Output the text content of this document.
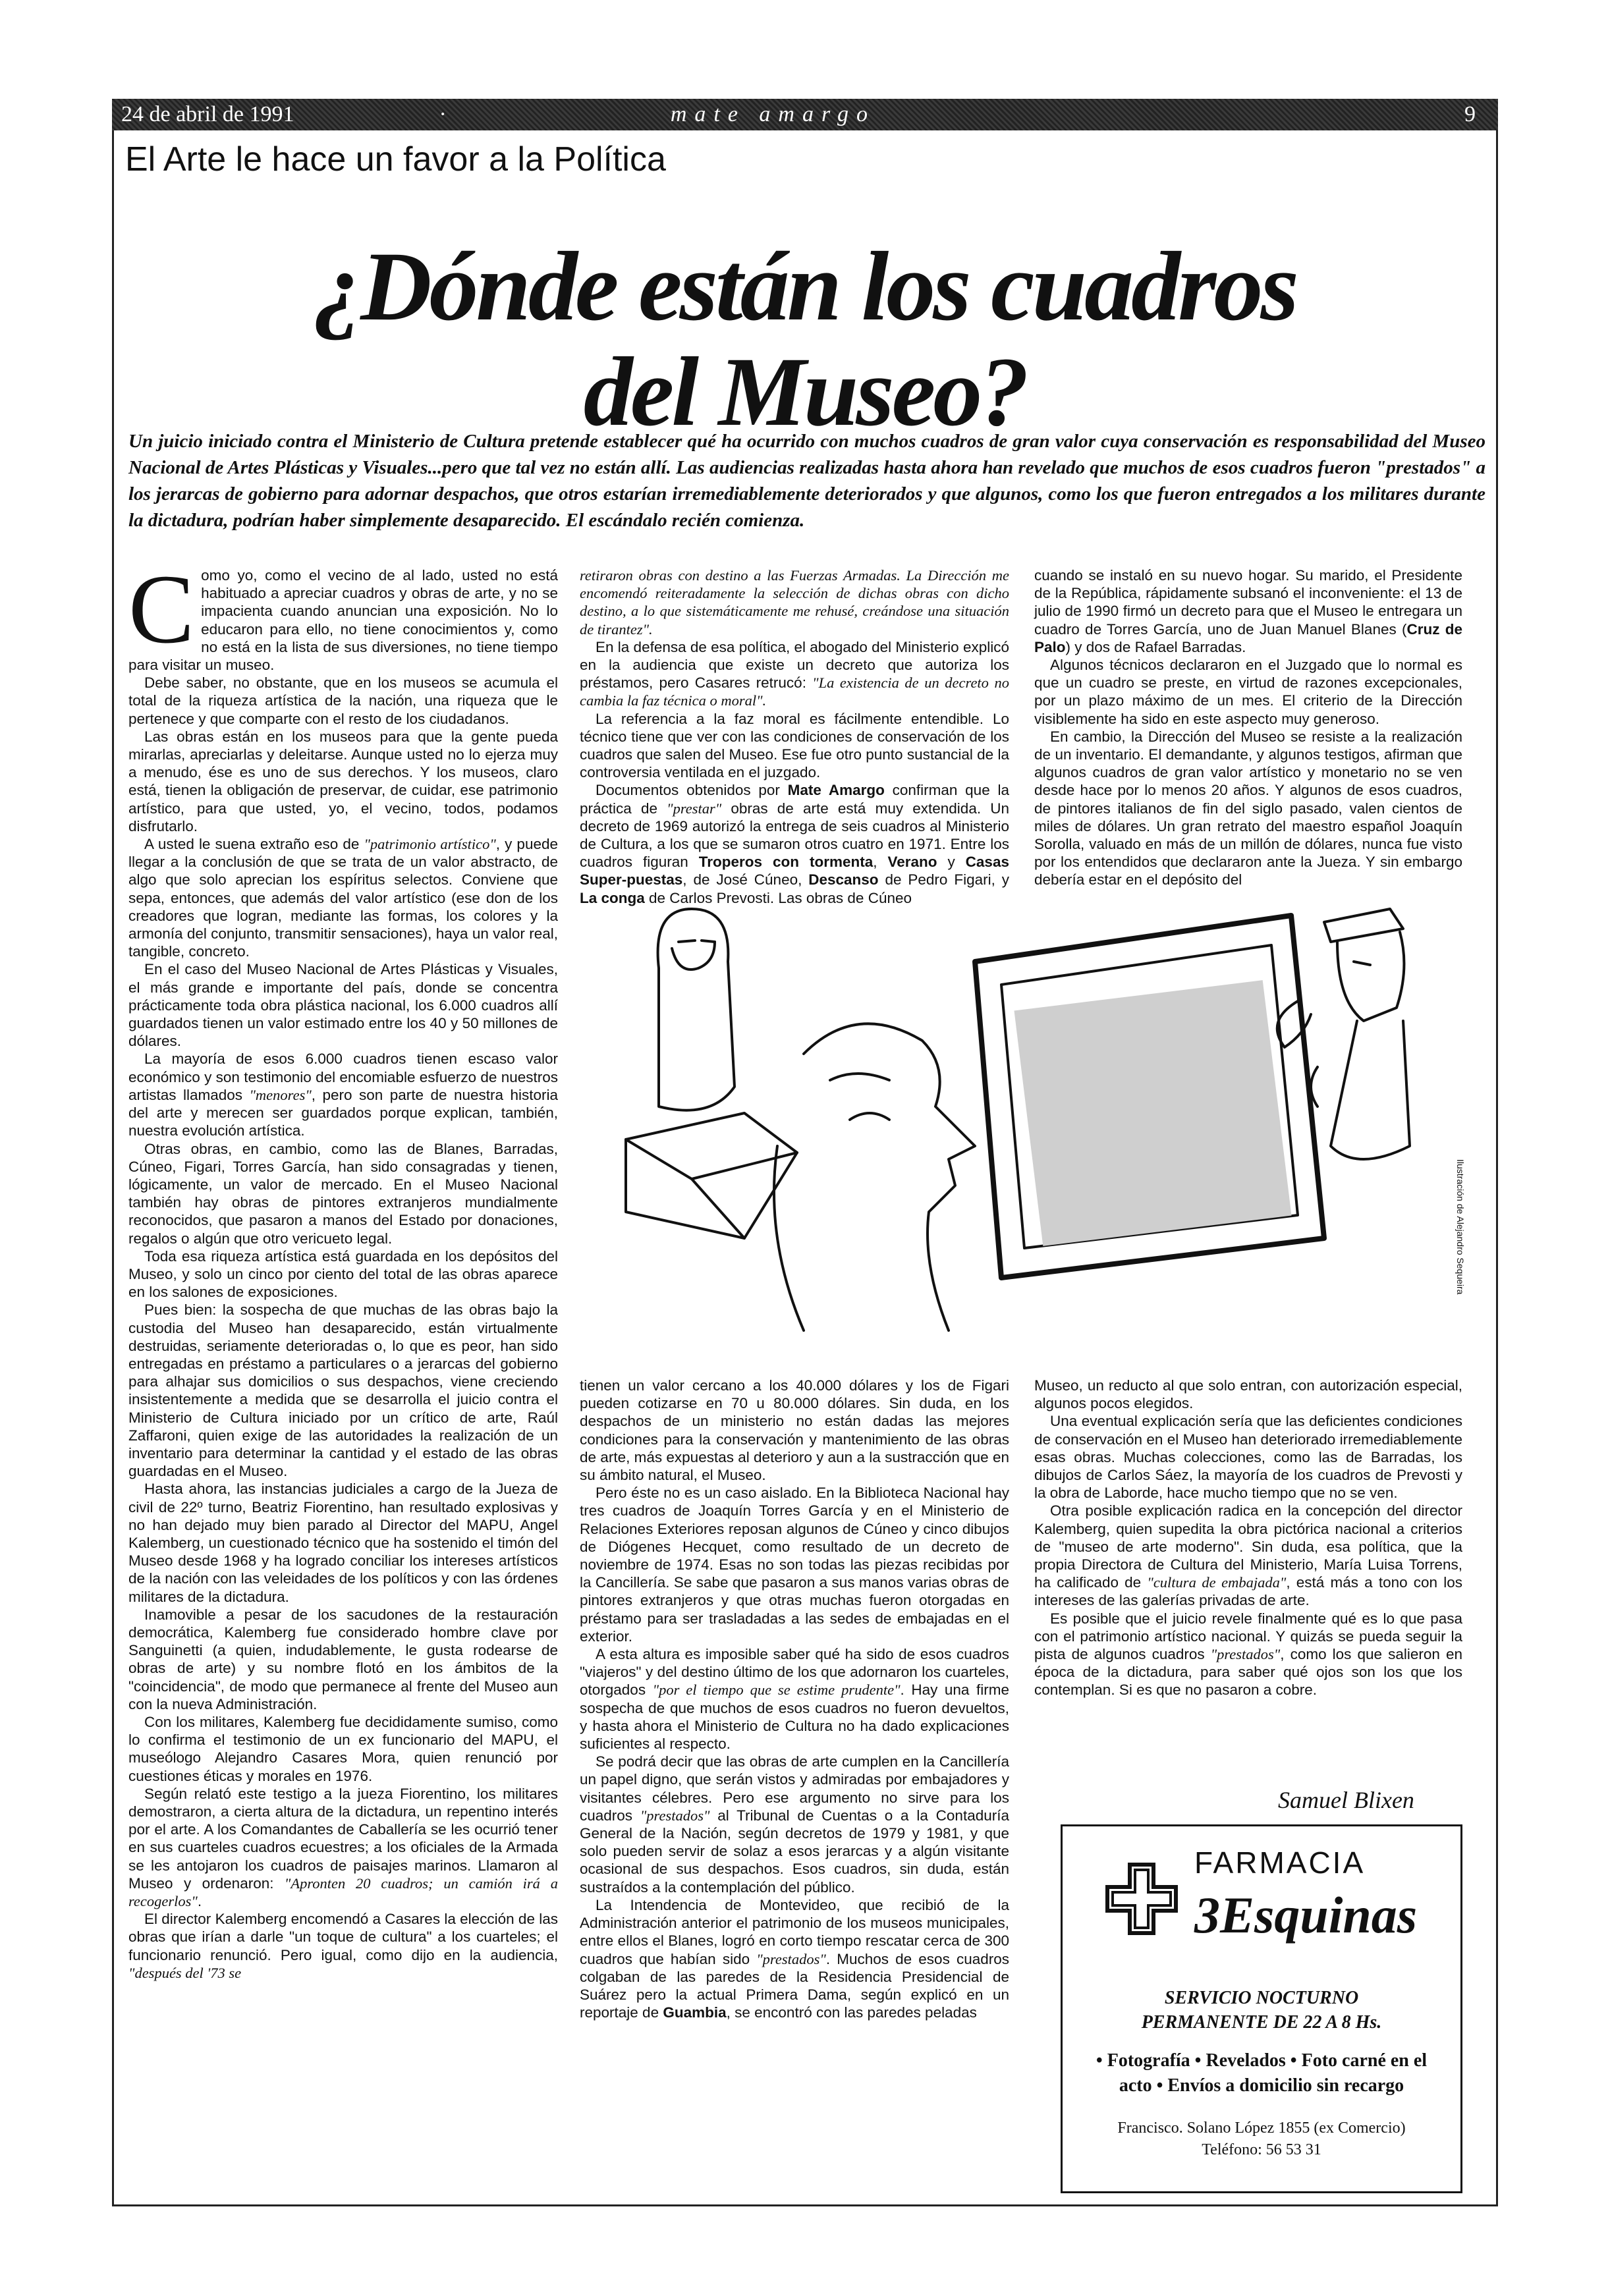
24 de abril de 1991	·	mate amargo	9
El Arte le hace un favor a la Política
¿Dónde están los cuadros
del Museo?
Un juicio iniciado contra el Ministerio de Cultura pretende establecer qué ha ocurrido con muchos cuadros de gran valor cuya conservación es responsabilidad del Museo Nacional de Artes Plásticas y Visuales...pero que tal vez no están allí. Las audiencias realizadas hasta ahora han revelado que muchos de esos cuadros fueron "prestados" a los jerarcas de gobierno para adornar despachos, que otros estarían irremediablemente deteriorados y que algunos, como los que fueron entregados a los militares durante la dictadura, podrían haber simplemente desaparecido. El escándalo recién comienza.

Como yo, como el vecino de al lado, usted no está habituado a apreciar cuadros y obras de arte, y no se impacienta cuando anuncian una exposición. No lo educaron para ello, no tiene conocimientos y, como no está en la lista de sus diversiones, no tiene tiempo para visitar un museo.

Debe saber, no obstante, que en los museos se acumula el total de la riqueza artística de la nación, una riqueza que le pertenece y que comparte con el resto de los ciudadanos.

Las obras están en los museos para que la gente pueda mirarlas, apreciarlas y deleitarse. Aunque usted no lo ejerza muy a menudo, ése es uno de sus derechos. Y los museos, claro está, tienen la obligación de preservar, de cuidar, ese patrimonio artístico, para que usted, yo, el vecino, todos, podamos disfrutarlo.

A usted le suena extraño eso de "patrimonio artístico", y puede llegar a la conclusión de que se trata de un valor abstracto, de algo que solo aprecian los espíritus selectos. Conviene que sepa, entonces, que además del valor artístico (ese don de los creadores que logran, mediante las formas, los colores y la armonía del conjunto, transmitir sensaciones), haya un valor real, tangible, concreto.

En el caso del Museo Nacional de Artes Plásticas y Visuales, el más grande e importante del país, donde se concentra prácticamente toda obra plástica nacional, los 6.000 cuadros allí guardados tienen un valor estimado entre los 40 y 50 millones de dólares.

La mayoría de esos 6.000 cuadros tienen escaso valor económico y son testimonio del encomiable esfuerzo de nuestros artistas llamados "menores", pero son parte de nuestra historia del arte y merecen ser guardados porque explican, también, nuestra evolución artística.

Otras obras, en cambio, como las de Blanes, Barradas, Cúneo, Figari, Torres García, han sido consagradas y tienen, lógicamente, un valor de mercado. En el Museo Nacional también hay obras de pintores extranjeros mundialmente reconocidos, que pasaron a manos del Estado por donaciones, regalos o algún que otro vericueto legal.

Toda esa riqueza artística está guardada en los depósitos del Museo, y solo un cinco por ciento del total de las obras aparece en los salones de exposiciones.

Pues bien: la sospecha de que muchas de las obras bajo la custodia del Museo han desaparecido, están virtualmente destruidas, seriamente deterioradas o, lo que es peor, han sido entregadas en préstamo a particulares o a jerarcas del gobierno para alhajar sus domicilios o sus despachos, viene creciendo insistentemente a medida que se desarrolla el juicio contra el Ministerio de Cultura iniciado por un crítico de arte, Raúl Zaffaroni, quien exige de las autoridades la realización de un inventario para determinar la cantidad y el estado de las obras guardadas en el Museo.

Hasta ahora, las instancias judiciales a cargo de la Jueza de civil de 22º turno, Beatriz Fiorentino, han resultado explosivas y no han dejado muy bien parado al Director del MAPU, Angel Kalemberg, un cuestionado técnico que ha sostenido el timón del Museo desde 1968 y ha logrado conciliar los intereses artísticos de la nación con las veleidades de los políticos y con las órdenes militares de la dictadura.

Inamovible a pesar de los sacudones de la restauración democrática, Kalemberg fue considerado hombre clave por Sanguinetti (a quien, indudablemente, le gusta rodearse de obras de arte) y su nombre flotó en los ámbitos de la "coincidencia", de modo que permanece al frente del Museo aun con la nueva Administración.

Con los militares, Kalemberg fue decididamente sumiso, como lo confirma el testimonio de un ex funcionario del MAPU, el museólogo Alejandro Casares Mora, quien renunció por cuestiones éticas y morales en 1976.

Según relató este testigo a la jueza Fiorentino, los militares demostraron, a cierta altura de la dictadura, un repentino interés por el arte. A los Comandantes de Caballería se les ocurrió tener en sus cuarteles cuadros ecuestres; a los oficiales de la Armada se les antojaron los cuadros de paisajes marinos. Llamaron al Museo y ordenaron: "Apronten 20 cuadros; un camión irá a recogerlos".

El director Kalemberg encomendó a Casares la elección de las obras que irían a darle "un toque de cultura" a los cuarteles; el funcionario renunció. Pero igual, como dijo en la audiencia, "después del '73 se

retiraron obras con destino a las Fuerzas Armadas. La Dirección me encomendó reiteradamente la selección de dichas obras con dicho destino, a lo que sistemáticamente me rehusé, creándose una situación de tirantez".

En la defensa de esa política, el abogado del Ministerio explicó en la audiencia que existe un decreto que autoriza los préstamos, pero Casares retrucó: "La existencia de un decreto no cambia la faz técnica o moral".

La referencia a la faz moral es fácilmente entendible. Lo técnico tiene que ver con las condiciones de conservación de los cuadros que salen del Museo. Ese fue otro punto sustancial de la controversia ventilada en el juzgado.

Documentos obtenidos por Mate Amargo confirman que la práctica de "prestar" obras de arte está muy extendida. Un decreto de 1969 autorizó la entrega de seis cuadros al Ministerio de Cultura, a los que se sumaron otros cuatro en 1971. Entre los cuadros figuran Troperos con tormenta, Verano y Casas Super-puestas, de José Cúneo, Descanso de Pedro Figari, y La conga de Carlos Prevosti. Las obras de Cúneo

cuando se instaló en su nuevo hogar. Su marido, el Presidente de la República, rápidamente subsanó el inconveniente: el 13 de julio de 1990 firmó un decreto para que el Museo le entregara un cuadro de Torres García, uno de Juan Manuel Blanes (Cruz de Palo) y dos de Rafael Barradas.

Algunos técnicos declararon en el Juzgado que lo normal es que un cuadro se preste, en virtud de razones excepcionales, por un plazo máximo de un mes. El criterio de la Dirección visiblemente ha sido en este aspecto muy generoso.

En cambio, la Dirección del Museo se resiste a la realización de un inventario. El demandante, y algunos testigos, afirman que algunos cuadros de gran valor artístico y monetario no se ven desde hace por lo menos 20 años. Y algunos de esos cuadros, de pintores italianos de fin del siglo pasado, valen cientos de miles de dólares. Un gran retrato del maestro español Joaquín Sorolla, valuado en más de un millón de dólares, nunca fue visto por los entendidos que declararon ante la Jueza. Y sin embargo debería estar en el depósito del

Ilustración de Alejandro Sequeira

tienen un valor cercano a los 40.000 dólares y los de Figari pueden cotizarse en 70 u 80.000 dólares. Sin duda, en los despachos de un ministerio no están dadas las mejores condiciones para la conservación y mantenimiento de las obras de arte, más expuestas al deterioro y aun a la sustracción que en su ámbito natural, el Museo.

Pero éste no es un caso aislado. En la Biblioteca Nacional hay tres cuadros de Joaquín Torres García y en el Ministerio de Relaciones Exteriores reposan algunos de Cúneo y cinco dibujos de Diógenes Hecquet, como resultado de un decreto de noviembre de 1974. Esas no son todas las piezas recibidas por la Cancillería. Se sabe que pasaron a sus manos varias obras de pintores extranjeros y que otras muchas fueron otorgadas en préstamo para ser trasladadas a las sedes de embajadas en el exterior.

A esta altura es imposible saber qué ha sido de esos cuadros "viajeros" y del destino último de los que adornaron los cuarteles, otorgados "por el tiempo que se estime prudente". Hay una firme sospecha de que muchos de esos cuadros no fueron devueltos, y hasta ahora el Ministerio de Cultura no ha dado explicaciones suficientes al respecto.

Se podrá decir que las obras de arte cumplen en la Cancillería un papel digno, que serán vistos y admiradas por embajadores y visitantes célebres. Pero ese argumento no sirve para los cuadros "prestados" al Tribunal de Cuentas o a la Contaduría General de la Nación, según decretos de 1979 y 1981, y que solo pueden servir de solaz a esos jerarcas y a algún visitante ocasional de sus despachos. Esos cuadros, sin duda, están sustraídos a la contemplación del público.

La Intendencia de Montevideo, que recibió de la Administración anterior el patrimonio de los museos municipales, entre ellos el Blanes, logró en corto tiempo rescatar cerca de 300 cuadros que habían sido "prestados". Muchos de esos cuadros colgaban de las paredes de la Residencia Presidencial de Suárez pero la actual Primera Dama, según explicó en un reportaje de Guambia, se encontró con las paredes peladas

Museo, un reducto al que solo entran, con autorización especial, algunos pocos elegidos.

Una eventual explicación sería que las deficientes condiciones de conservación en el Museo han deteriorado irremediablemente esas obras. Muchas colecciones, como las de Barradas, los dibujos de Carlos Sáez, la mayoría de los cuadros de Prevosti y la obra de Laborde, hace mucho tiempo que no se ven.

Otra posible explicación radica en la concepción del director Kalemberg, quien supedita la obra pictórica nacional a criterios de "museo de arte moderno". Sin duda, esa política, que la propia Directora de Cultura del Ministerio, María Luisa Torrens, ha calificado de "cultura de embajada", está más a tono con los intereses de las galerías privadas de arte.

Es posible que el juicio revele finalmente qué es lo que pasa con el patrimonio artístico nacional. Y quizás se pueda seguir la pista de algunos cuadros "prestados", como los que salieron en época de la dictadura, para saber qué ojos son los que los contemplan. Si es que no pasaron a cobre.

Samuel Blixen
FARMACIA
3Esquinas
SERVICIO NOCTURNO
PERMANENTE DE 22 A 8 Hs.
• Fotografía • Revelados • Foto carné en el
acto • Envíos a domicilio sin recargo
Francisco. Solano López 1855 (ex Comercio)
Teléfono: 56 53 31
